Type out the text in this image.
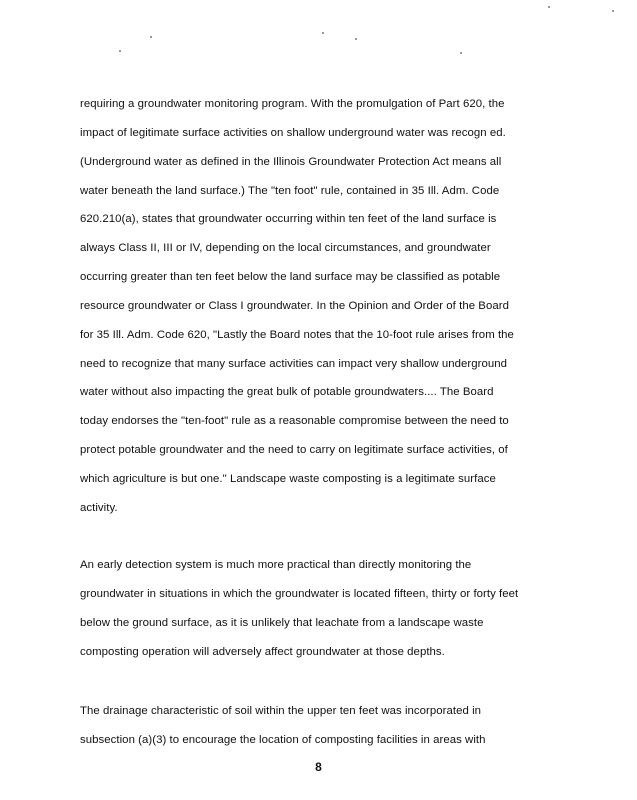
requiring a groundwater monitoring program. With the promulgation of Part 620, the
impact of legitimate surface activities on shallow underground water was recogn ed.
(Underground water as defined in the Illinois Groundwater Protection Act means all
water beneath the land surface.) The "ten foot" rule, contained in 35 Ill. Adm. Code
620.210(a), states that groundwater occurring within ten feet of the land surface is
always Class II, III or IV, depending on the local circumstances, and groundwater
occurring greater than ten feet below the land surface may be classified as potable
resource groundwater or Class I groundwater. In the Opinion and Order of the Board
for 35 Ill. Adm. Code 620, "Lastly the Board notes that the 10-foot rule arises from the
need to recognize that many surface activities can impact very shallow underground
water without also impacting the great bulk of potable groundwaters.... The Board
today endorses the "ten-foot" rule as a reasonable compromise between the need to
protect potable groundwater and the need to carry on legitimate surface activities, of
which agriculture is but one." Landscape waste composting is a legitimate surface
activity.
An early detection system is much more practical than directly monitoring the
groundwater in situations in which the groundwater is located fifteen, thirty or forty feet
below the ground surface, as it is unlikely that leachate from a landscape waste
composting operation will adversely affect groundwater at those depths.
The drainage characteristic of soil within the upper ten feet was incorporated in
subsection (a)(3) to encourage the location of composting facilities in areas with
8
